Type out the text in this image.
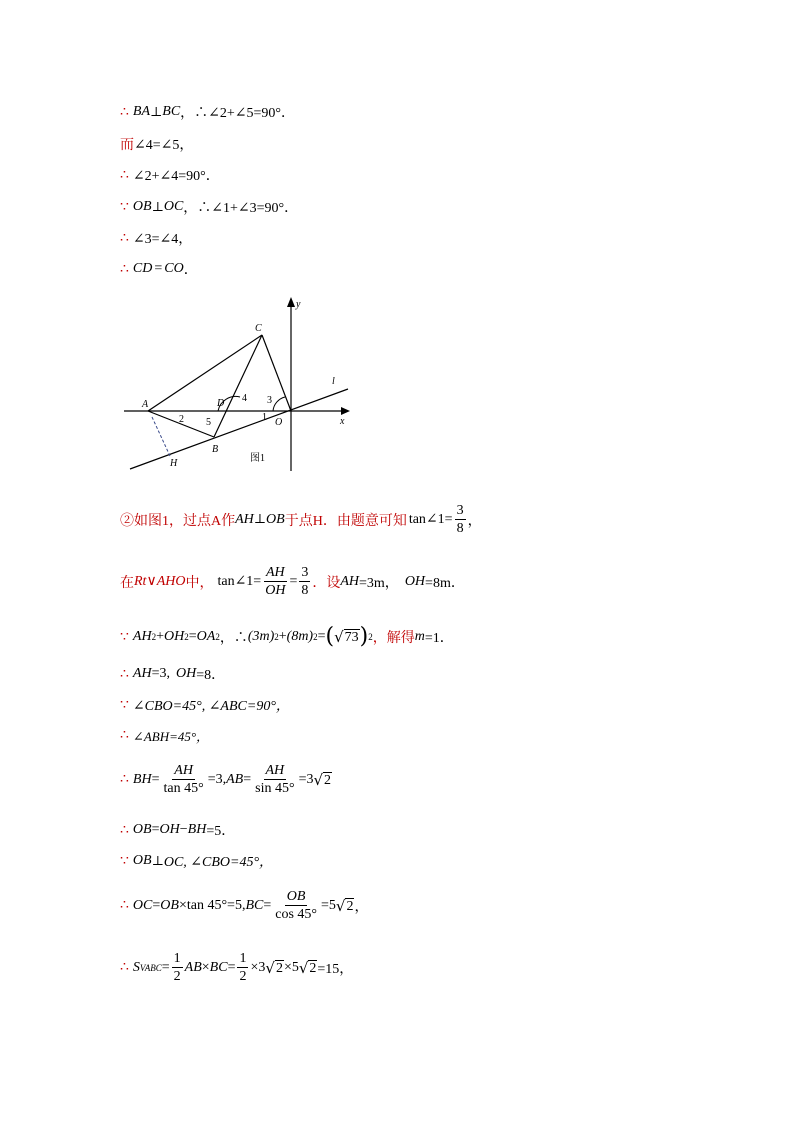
∴ BA ⊥ BC ，∴∠2+∠5=90°．
而 ∠4=∠5，
∴ ∠2+∠4=90°．
∵ OB ⊥ OC ，∴∠1+∠3=90°．
∴ ∠3=∠4，
∴ CD = CO ．
y
x
l
C
A	D
O
B
H
1
2
3
4
5
图1
②如图1，过点A作 AH ⊥ OB 于点H．由题意可知 tan∠1= $\frac{3}{8}$ ，
在 Rt∨AHO 中， tan∠1= $\frac{AH}{OH} = \frac{3}{8}$ ．设 AH =3m， OH =8m．
∵ AH 2 + OH 2 = OA 2 ，∴ (3m) 2 + (8m) 2 = ( √ 73 ) 2 ，解得 m =1．
∴ AH =3, OH =8．
∵ ∠CBO=45°, ∠ABC=90°，
∴ ∠ABH=45°，
∴ BH = $\frac{AH}{\tan 45^\circ} =3$, AB = $\frac{AH}{\sin 45^\circ} =3$ √ 2
∴ OB = OH − BH =5．
∵ OB ⊥ OC, ∠CBO=45°，
∴ OC = OB ×tan 45°=5, BC = $\frac{OB}{\cos 45^\circ} =5$ √ 2 ，
∴ S VABC = $\frac{1}{2}$ AB × BC = $\frac{1}{2} \times 3$ √ 2 ×5 √ 2 =15，
